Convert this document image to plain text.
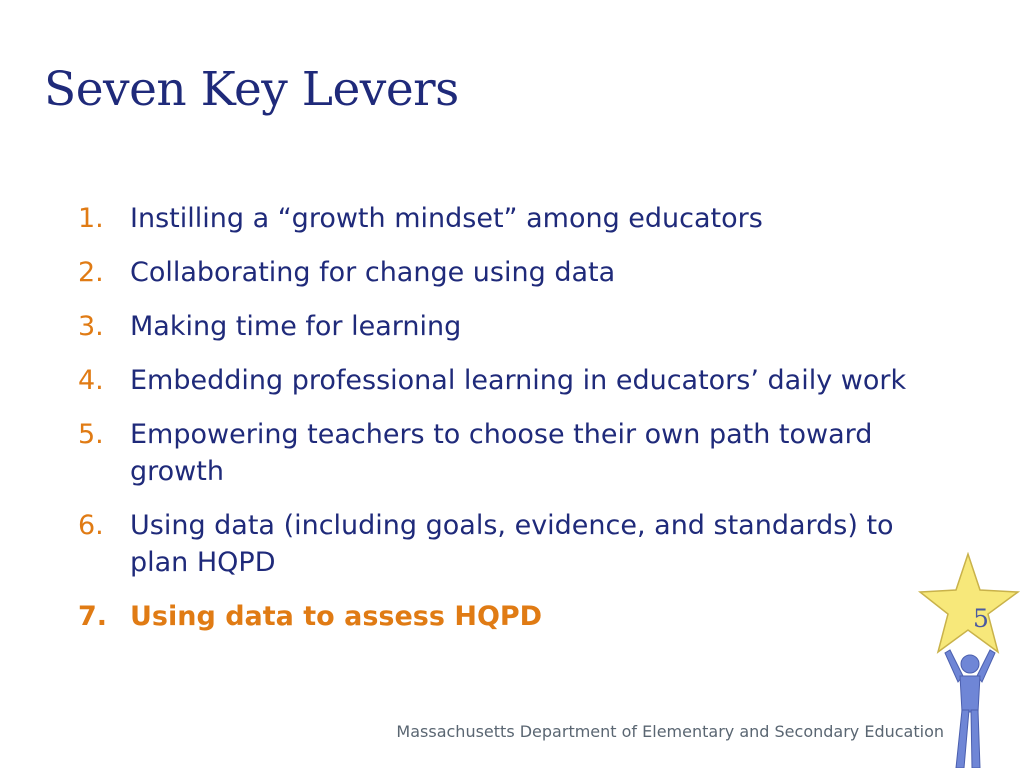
Seven Key Levers
1. Instilling a “growth mindset” among educators
2. Collaborating for change using data
3. Making time for learning
4. Embedding professional learning in educators’ daily work
5. Empowering teachers to choose their own path toward growth
6. Using data (including goals, evidence, and standards) to plan HQPD
7. Using data to assess HQPD
Massachusetts Department of Elementary and Secondary Education
5
